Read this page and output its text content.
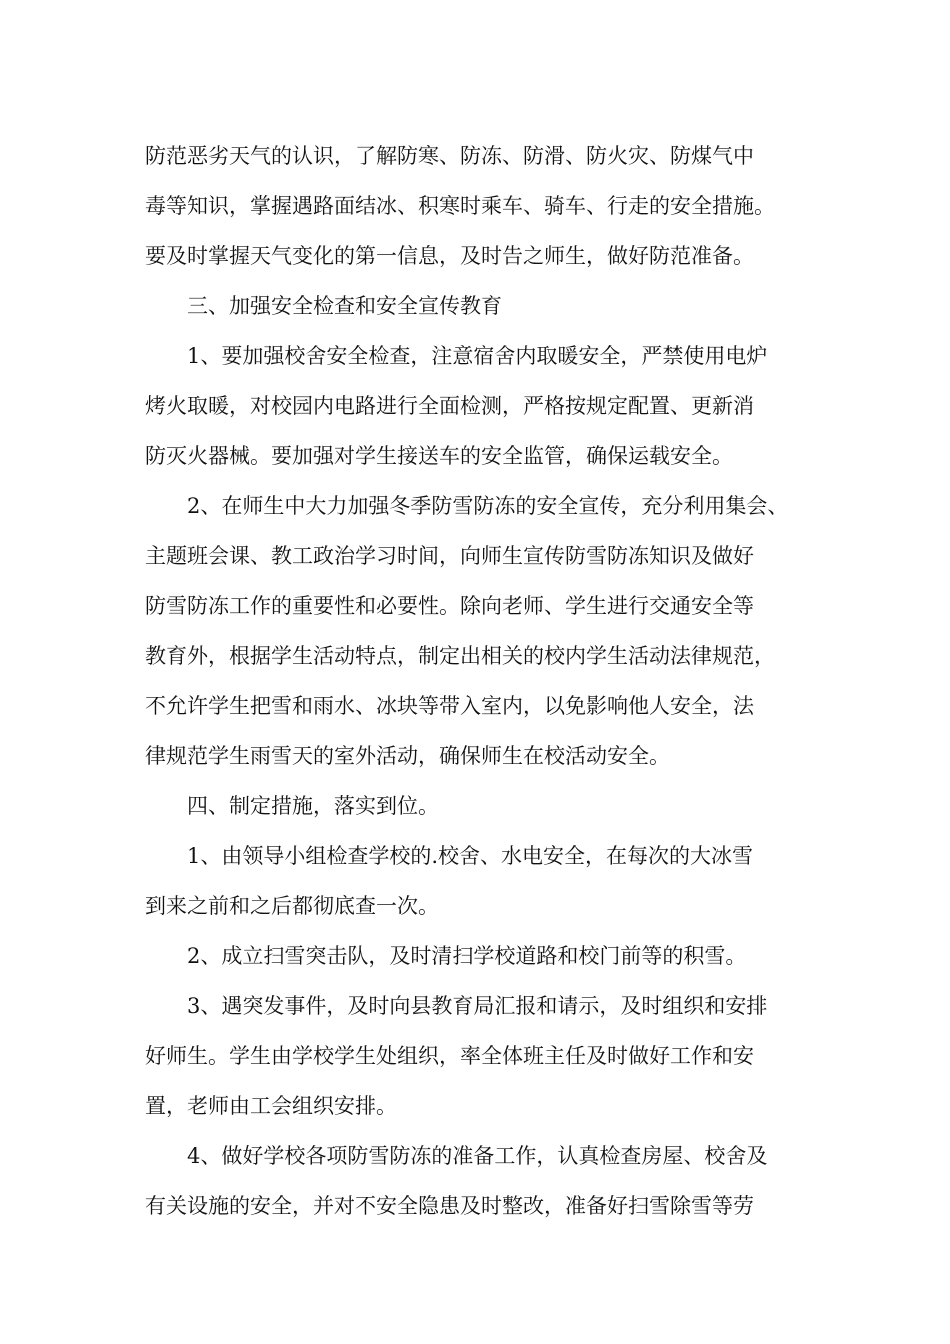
防范恶劣天气的认识，了解防寒、防冻、防滑、防火灾、防煤气中
毒等知识，掌握遇路面结冰、积寒时乘车、骑车、行走的安全措施。
要及时掌握天气变化的第一信息，及时告之师生，做好防范准备。
三、加强安全检查和安全宣传教育
1、要加强校舍安全检查，注意宿舍内取暖安全，严禁使用电炉
烤火取暖，对校园内电路进行全面检测，严格按规定配置、更新消
防灭火器械。要加强对学生接送车的安全监管，确保运载安全。
2、在师生中大力加强冬季防雪防冻的安全宣传，充分利用集会、
主题班会课、教工政治学习时间，向师生宣传防雪防冻知识及做好
防雪防冻工作的重要性和必要性。除向老师、学生进行交通安全等
教育外，根据学生活动特点，制定出相关的校内学生活动法律规范，
不允许学生把雪和雨水、冰块等带入室内，以免影响他人安全，法
律规范学生雨雪天的室外活动，确保师生在校活动安全。
四、制定措施，落实到位。
1、由领导小组检查学校的.校舍、水电安全，在每次的大冰雪
到来之前和之后都彻底查一次。
2、成立扫雪突击队，及时清扫学校道路和校门前等的积雪。
3、遇突发事件，及时向县教育局汇报和请示，及时组织和安排
好师生。学生由学校学生处组织，率全体班主任及时做好工作和安
置，老师由工会组织安排。
4、做好学校各项防雪防冻的准备工作，认真检查房屋、校舍及
有关设施的安全，并对不安全隐患及时整改，准备好扫雪除雪等劳
